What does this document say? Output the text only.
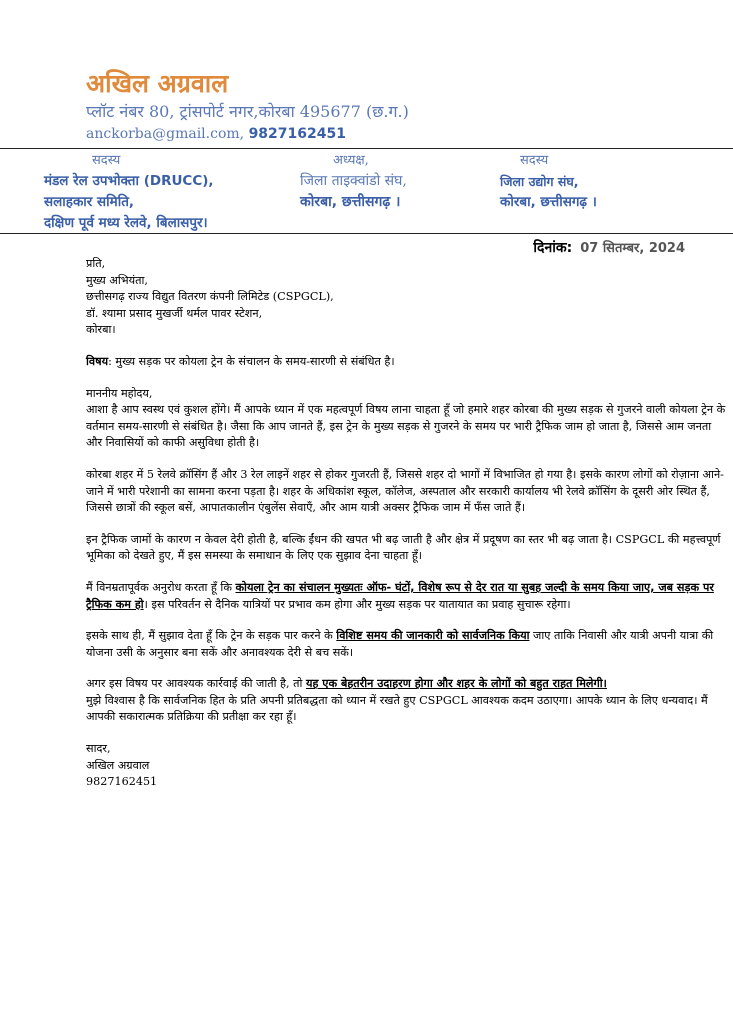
अखिल अग्रवाल
प्लॉट नंबर 80, ट्रांसपोर्ट नगर,कोरबा 495677 (छ.ग.)
anckorba@gmail.com, 9827162451
सदस्य
मंडल रेल उपभोक्ता (DRUCC),
सलाहकार समिति,
दक्षिण पूर्व मध्य रेलवे, बिलासपुर।
अध्यक्ष,
जिला ताइक्वांडो संघ,
कोरबा, छत्तीसगढ़ ।
सदस्य
जिला उद्योग संघ,
कोरबा, छत्तीसगढ़ ।
दिनांक: 07 सितम्बर, 2024

प्रति,

मुख्य अभियंता,

छत्तीसगढ़ राज्य विद्युत वितरण कंपनी लिमिटेड (CSPGCL),

डॉ. श्यामा प्रसाद मुखर्जी थर्मल पावर स्टेशन,

कोरबा।

विषय: मुख्य सड़क पर कोयला ट्रेन के संचालन के समय-सारणी से संबंधित है।

माननीय महोदय,

आशा है आप स्वस्थ एवं कुशल होंगे। मैं आपके ध्यान में एक महत्वपूर्ण विषय लाना चाहता हूँ जो हमारे शहर कोरबा की मुख्य सड़क से गुजरने वाली कोयला ट्रेन के वर्तमान समय-सारणी से संबंधित है। जैसा कि आप जानते हैं, इस ट्रेन के मुख्य सड़क से गुजरने के समय पर भारी ट्रैफिक जाम हो जाता है, जिससे आम जनता और निवासियों को काफी असुविधा होती है।

कोरबा शहर में 5 रेलवे क्रॉसिंग हैं और 3 रेल लाइनें शहर से होकर गुजरती हैं, जिससे शहर दो भागों में विभाजित हो गया है। इसके कारण लोगों को रोज़ाना आने-जाने में भारी परेशानी का सामना करना पड़ता है। शहर के अधिकांश स्कूल, कॉलेज, अस्पताल और सरकारी कार्यालय भी रेलवे क्रॉसिंग के दूसरी ओर स्थित हैं, जिससे छात्रों की स्कूल बसें, आपातकालीन एंबुलेंस सेवाएँ, और आम यात्री अक्सर ट्रैफिक जाम में फँस जाते हैं।

इन ट्रैफिक जामों के कारण न केवल देरी होती है, बल्कि ईंधन की खपत भी बढ़ जाती है और क्षेत्र में प्रदूषण का स्तर भी बढ़ जाता है। CSPGCL की महत्त्वपूर्ण भूमिका को देखते हुए, मैं इस समस्या के समाधान के लिए एक सुझाव देना चाहता हूँ।

मैं विनम्रतापूर्वक अनुरोध करता हूँ कि कोयला ट्रेन का संचालन मुख्यतः ऑफ- घंटों, विशेष रूप से देर रात या सुबह जल्दी के समय किया जाए, जब सड़क पर ट्रैफिक कम हो। इस परिवर्तन से दैनिक यात्रियों पर प्रभाव कम होगा और मुख्य सड़क पर यातायात का प्रवाह सुचारू रहेगा।

इसके साथ ही, मैं सुझाव देता हूँ कि ट्रेन के सड़क पार करने के विशिष्ट समय की जानकारी को सार्वजनिक किया जाए ताकि निवासी और यात्री अपनी यात्रा की योजना उसी के अनुसार बना सकें और अनावश्यक देरी से बच सकें।

अगर इस विषय पर आवश्यक कार्रवाई की जाती है, तो यह एक बेहतरीन उदाहरण होगा और शहर के लोगों को बहुत राहत मिलेगी।

मुझे विश्वास है कि सार्वजनिक हित के प्रति अपनी प्रतिबद्धता को ध्यान में रखते हुए CSPGCL आवश्यक कदम उठाएगा। आपके ध्यान के लिए धन्यवाद। मैं आपकी सकारात्मक प्रतिक्रिया की प्रतीक्षा कर रहा हूँ।

सादर,

अखिल अग्रवाल

9827162451
